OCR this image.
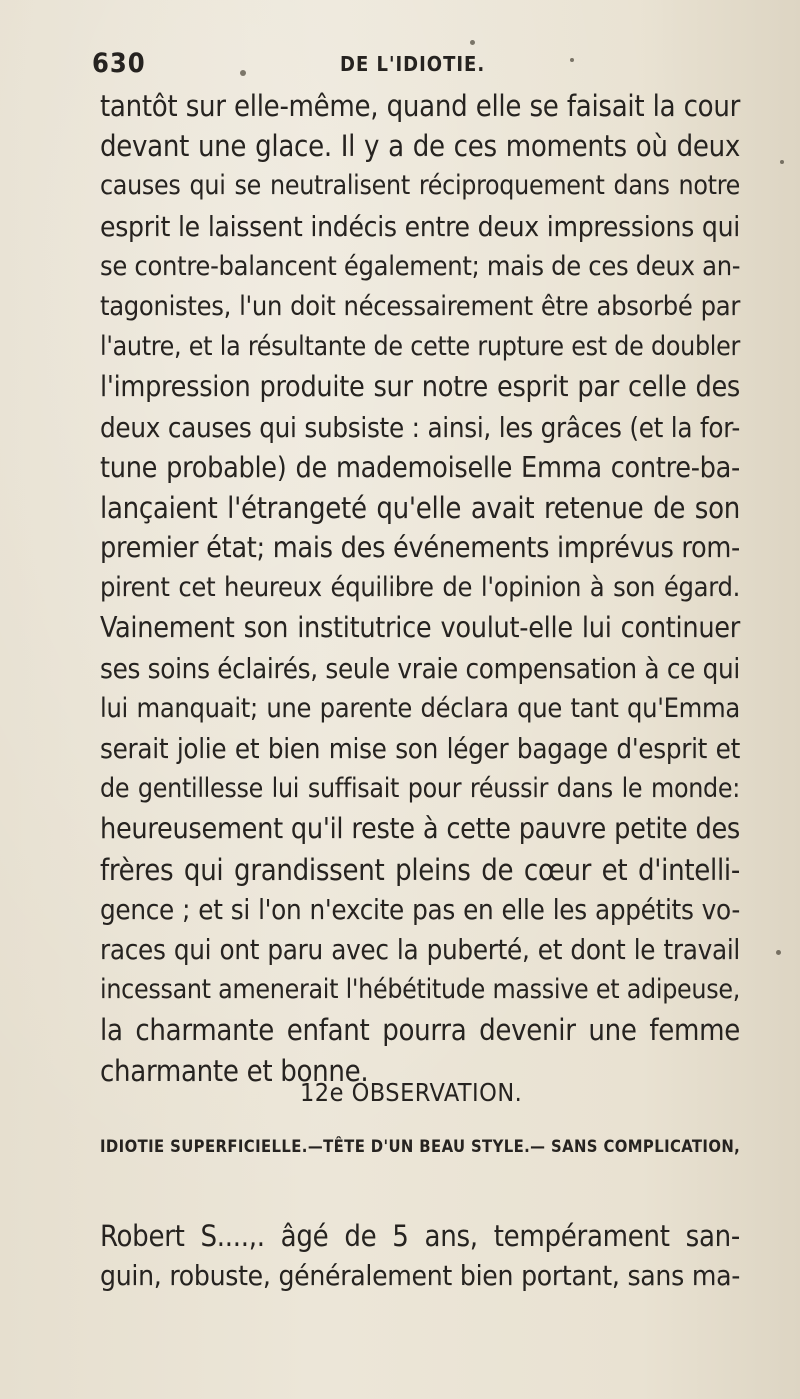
630	DE L'IDIOTIE.
tantôt sur elle-même, quand elle se faisait la cour
devant une glace. Il y a de ces moments où deux
causes qui se neutralisent réciproquement dans notre
esprit le laissent indécis entre deux impressions qui
se contre-balancent également; mais de ces deux an-
tagonistes, l'un doit nécessairement être absorbé par
l'autre, et la résultante de cette rupture est de doubler
l'impression produite sur notre esprit par celle des
deux causes qui subsiste : ainsi, les grâces (et la for-
tune probable) de mademoiselle Emma contre-ba-
lançaient l'étrangeté qu'elle avait retenue de son
premier état; mais des événements imprévus rom-
pirent cet heureux équilibre de l'opinion à son égard.
Vainement son institutrice voulut-elle lui continuer
ses soins éclairés, seule vraie compensation à ce qui
lui manquait; une parente déclara que tant qu'Emma
serait jolie et bien mise son léger bagage d'esprit et
de gentillesse lui suffisait pour réussir dans le monde:
heureusement qu'il reste à cette pauvre petite des
frères qui grandissent pleins de cœur et d'intelli-
gence ; et si l'on n'excite pas en elle les appétits vo-
races qui ont paru avec la puberté, et dont le travail
incessant amenerait l'hébétitude massive et adipeuse,
la charmante enfant pourra devenir une femme
charmante et bonne.
12e OBSERVATION.
IDIOTIE SUPERFICIELLE.—TÊTE D'UN BEAU STYLE.— SANS COMPLICATION,
Robert S....,. âgé de 5 ans, tempérament san-
guin, robuste, généralement bien portant, sans ma-
